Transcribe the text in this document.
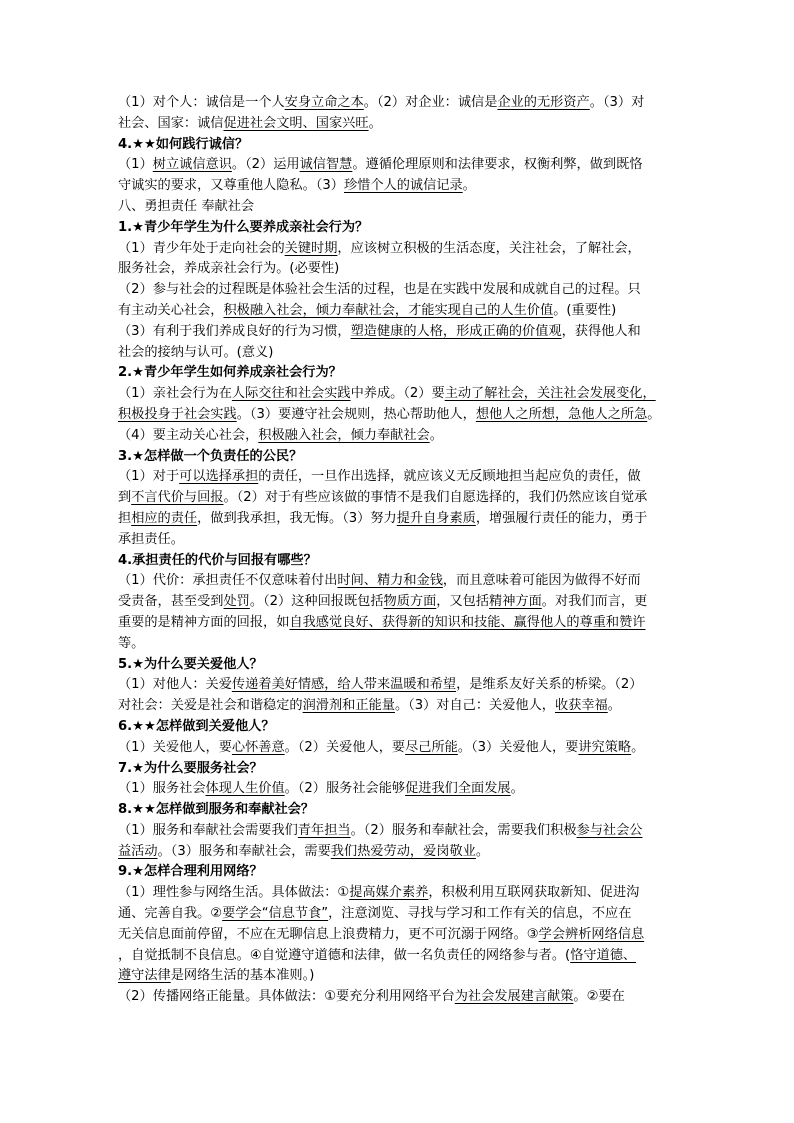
（1）对个人：诚信是一个人安身立命之本。（2）对企业：诚信是企业的无形资产。（3）对
社会、国家：诚信促进社会文明、国家兴旺。
4.★★如何践行诚信？
（1）树立诚信意识。（2）运用诚信智慧。遵循伦理原则和法律要求，权衡利弊，做到既恪
守诚实的要求，又尊重他人隐私。（3）珍惜个人的诚信记录。
八、勇担责任 奉献社会
1.★青少年学生为什么要养成亲社会行为？
（1）青少年处于走向社会的关键时期，应该树立积极的生活态度，关注社会，了解社会，
服务社会，养成亲社会行为。(必要性)
（2）参与社会的过程既是体验社会生活的过程，也是在实践中发展和成就自己的过程。只
有主动关心社会，积极融入社会，倾力奉献社会，才能实现自己的人生价值。(重要性)
（3）有利于我们养成良好的行为习惯，塑造健康的人格，形成正确的价值观，获得他人和
社会的接纳与认可。(意义)
2.★青少年学生如何养成亲社会行为？
（1）亲社会行为在人际交往和社会实践中养成。（2）要主动了解社会，关注社会发展变化，
积极投身于社会实践。（3）要遵守社会规则，热心帮助他人，想他人之所想，急他人之所急。
（4）要主动关心社会，积极融入社会，倾力奉献社会。
3.★怎样做一个负责任的公民？
（1）对于可以选择承担的责任，一旦作出选择，就应该义无反顾地担当起应负的责任，做
到不言代价与回报。（2）对于有些应该做的事情不是我们自愿选择的，我们仍然应该自觉承
担相应的责任，做到我承担，我无悔。（3）努力提升自身素质，增强履行责任的能力，勇于
承担责任。
4.承担责任的代价与回报有哪些？
（1）代价：承担责任不仅意味着付出时间、精力和金钱，而且意味着可能因为做得不好而
受责备，甚至受到处罚。（2）这种回报既包括物质方面，又包括精神方面。对我们而言，更
重要的是精神方面的回报，如自我感觉良好、获得新的知识和技能、赢得他人的尊重和赞许
等。
5.★为什么要关爱他人？
（1）对他人：关爱传递着美好情感，给人带来温暖和希望，是维系友好关系的桥梁。（2）
对社会：关爱是社会和谐稳定的润滑剂和正能量。（3）对自己：关爱他人，收获幸福。
6.★★怎样做到关爱他人？
（1）关爱他人，要心怀善意。（2）关爱他人，要尽己所能。（3）关爱他人，要讲究策略。
7.★为什么要服务社会？
（1）服务社会体现人生价值。（2）服务社会能够促进我们全面发展。
8.★★怎样做到服务和奉献社会？
（1）服务和奉献社会需要我们青年担当。（2）服务和奉献社会，需要我们积极参与社会公
益活动。（3）服务和奉献社会，需要我们热爱劳动，爱岗敬业。
9.★怎样合理利用网络？
（1）理性参与网络生活。具体做法：①提高媒介素养，积极利用互联网获取新知、促进沟
通、完善自我。②要学会“信息节食”，注意浏览、寻找与学习和工作有关的信息，不应在
无关信息面前停留，不应在无聊信息上浪费精力，更不可沉溺于网络。③学会辨析网络信息
，自觉抵制不良信息。④自觉遵守道德和法律，做一名负责任的网络参与者。(恪守道德、
遵守法律是网络生活的基本准则。)
（2）传播网络正能量。具体做法：①要充分利用网络平台为社会发展建言献策。②要在
